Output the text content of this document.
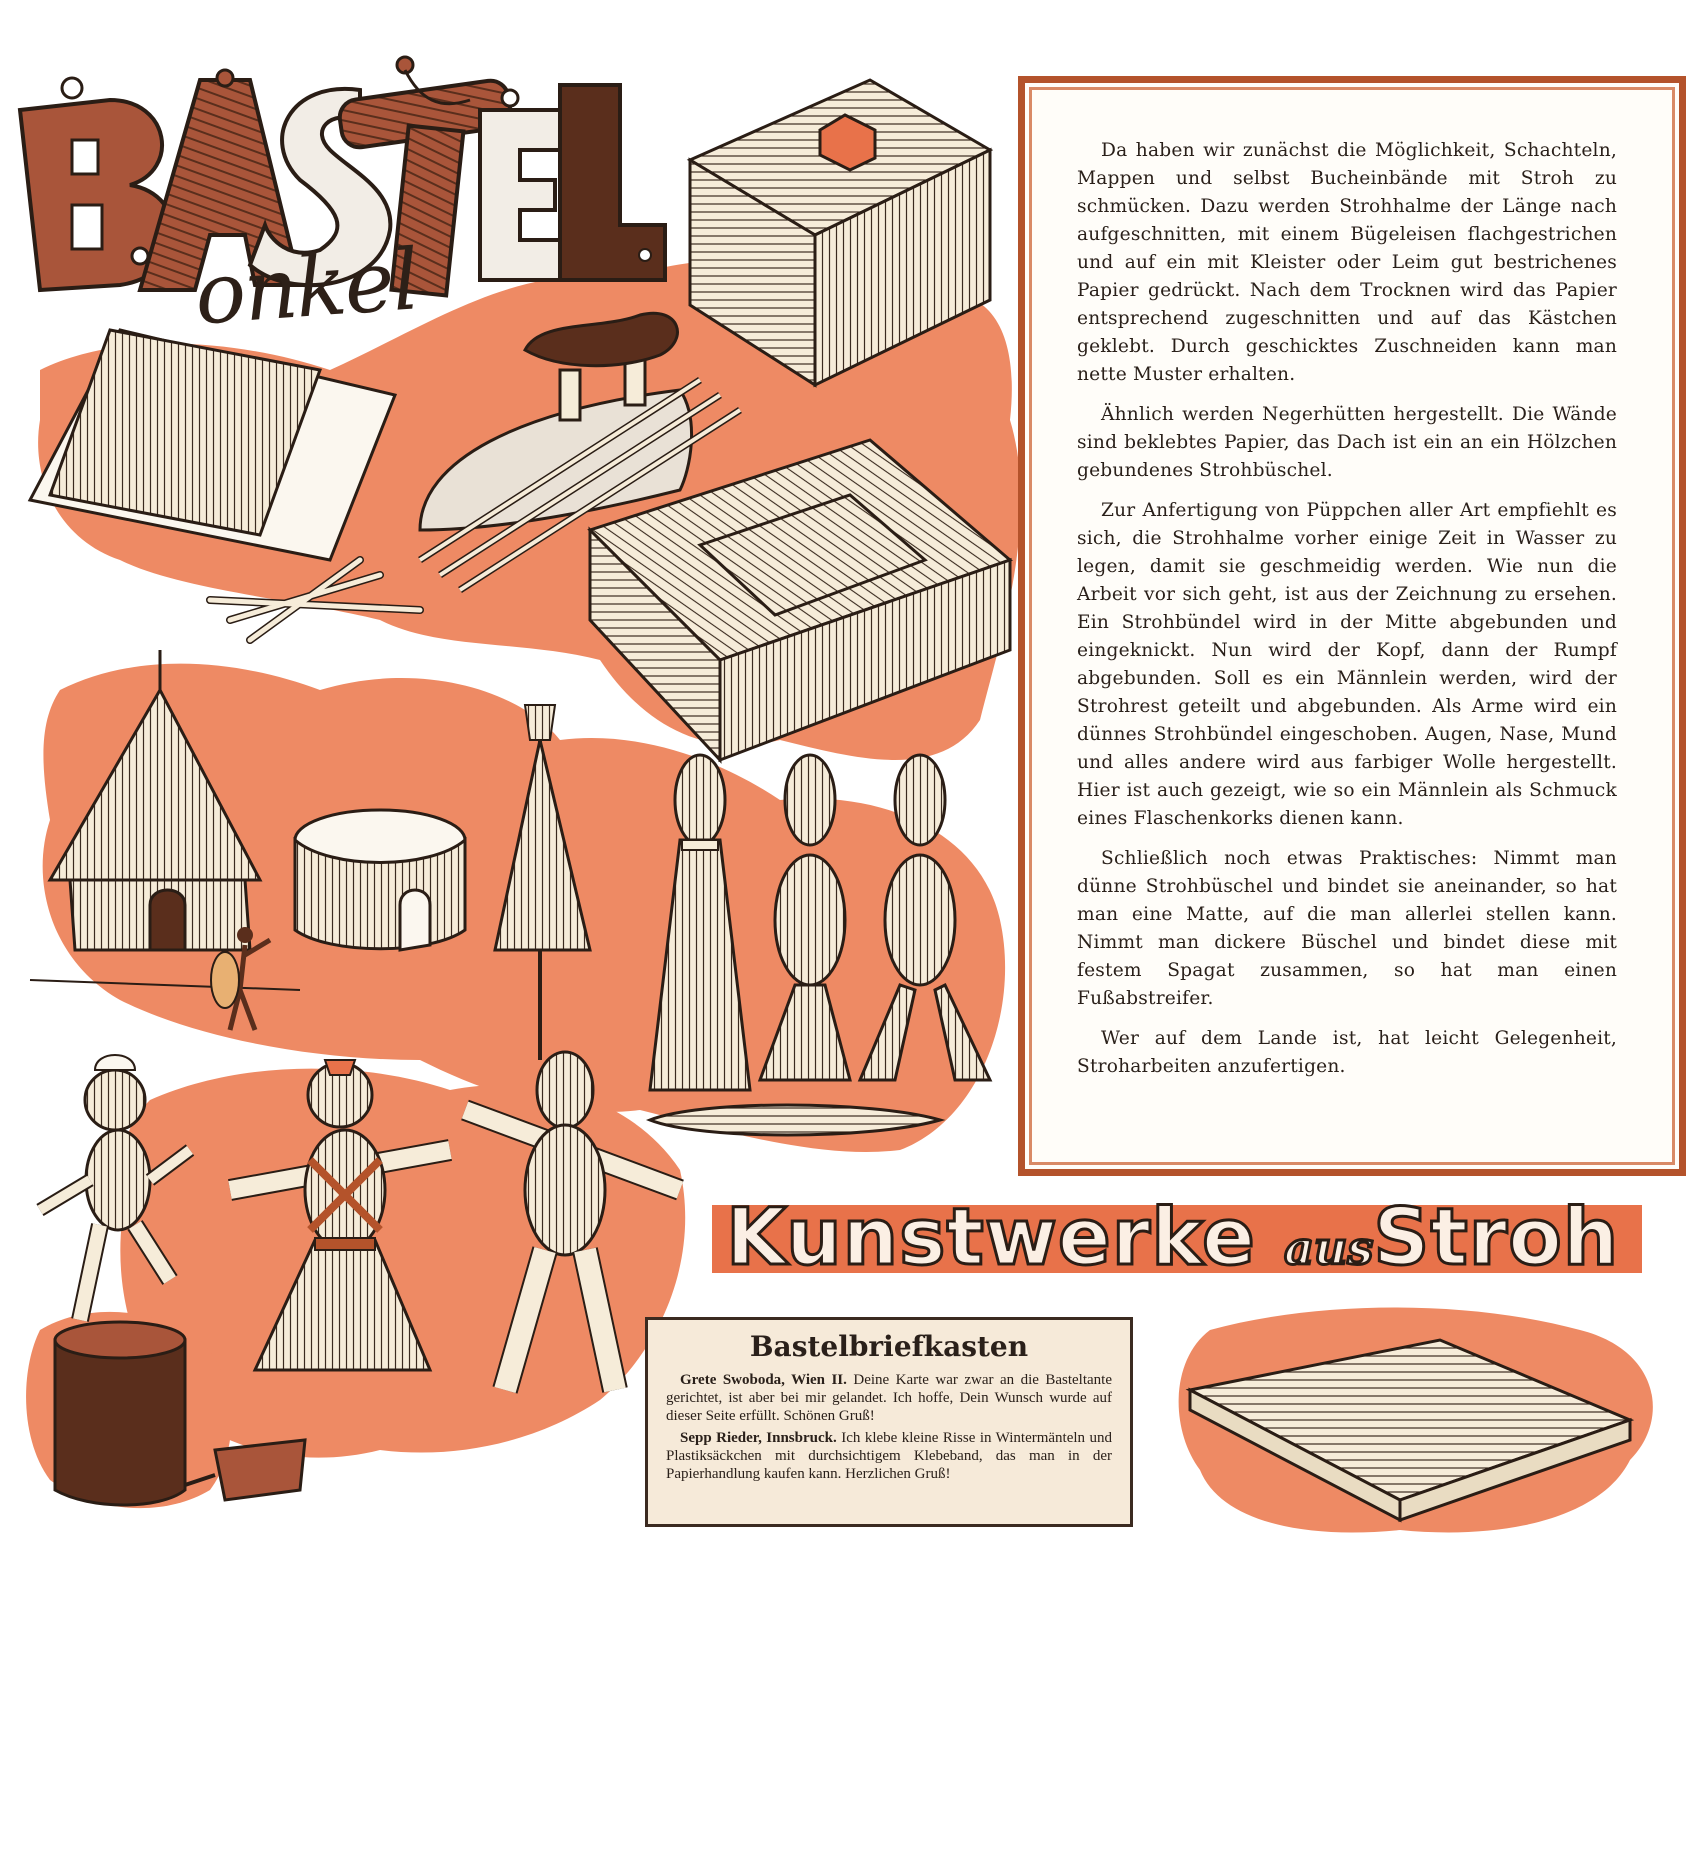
onkel

Da haben wir zunächst die Möglichkeit, Schachteln, Mappen und selbst Bucheinbände mit Stroh zu schmücken. Dazu werden Strohhalme der Länge nach aufgeschnitten, mit einem Bügeleisen flachgestrichen und auf ein mit Kleister oder Leim gut bestrichenes Papier gedrückt. Nach dem Trocknen wird das Papier entsprechend zugeschnitten und auf das Kästchen geklebt. Durch geschicktes Zuschneiden kann man nette Muster erhalten.

Ähnlich werden Negerhütten hergestellt. Die Wände sind beklebtes Papier, das Dach ist ein an ein Hölzchen gebundenes Strohbüschel.

Zur Anfertigung von Püppchen aller Art empfiehlt es sich, die Strohhalme vorher einige Zeit in Wasser zu legen, damit sie geschmeidig werden. Wie nun die Arbeit vor sich geht, ist aus der Zeichnung zu ersehen. Ein Strohbündel wird in der Mitte abgebunden und eingeknickt. Nun wird der Kopf, dann der Rumpf abgebunden. Soll es ein Männlein werden, wird der Strohrest geteilt und abgebunden. Als Arme wird ein dünnes Strohbündel eingeschoben. Augen, Nase, Mund und alles andere wird aus farbiger Wolle hergestellt. Hier ist auch gezeigt, wie so ein Männlein als Schmuck eines Flaschenkorks dienen kann.

Schließlich noch etwas Praktisches: Nimmt man dünne Strohbüschel und bindet sie aneinander, so hat man eine Matte, auf die man allerlei stellen kann. Nimmt man dickere Büschel und bindet diese mit festem Spagat zusammen, so hat man einen Fußabstreifer.

Wer auf dem Lande ist, hat leicht Gelegenheit, Stroharbeiten anzufertigen.

Kunstwerke ausStroh
Bastelbriefkasten

Grete Swoboda, Wien II. Deine Karte war zwar an die Basteltante gerichtet, ist aber bei mir gelandet. Ich hoffe, Dein Wunsch wurde auf dieser Seite erfüllt. Schönen Gruß!

Sepp Rieder, Innsbruck. Ich klebe kleine Risse in Wintermänteln und Plastiksäckchen mit durchsichtigem Klebeband, das man in der Papierhandlung kaufen kann. Herzlichen Gruß!
